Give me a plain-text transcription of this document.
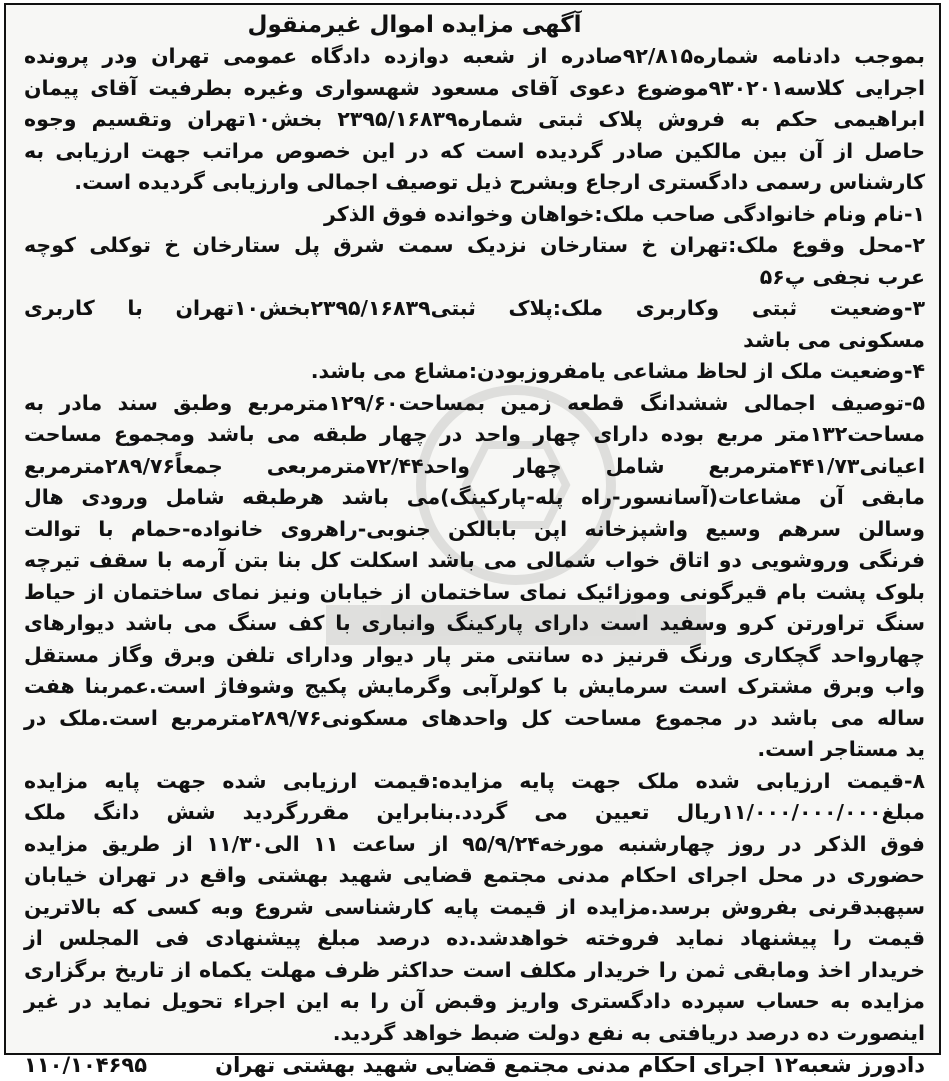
آگهی مزایده اموال غیرمنقول
بموجب دادنامه شماره۹۲/۸۱۵صادره از شعبه دوازده دادگاه عمومی تهران ودر پرونده
اجرایی کلاسه۹۳۰۲۰۱موضوع دعوی آقای مسعود شهسواری وغیره بطرفیت آقای پیمان
ابراهیمی حکم به فروش پلاک ثبتی شماره۲۳۹۵/۱۶۸۳۹ بخش۱۰تهران وتقسیم وجوه
حاصل از آن بین مالکین صادر گردیده است که در این خصوص مراتب جهت ارزیابی به
کارشناس رسمی دادگستری ارجاع وبشرح ذیل توصیف اجمالی وارزیابی گردیده است.
۱-نام ونام خانوادگی صاحب ملک:خواهان وخوانده فوق الذکر
۲-محل وقوع ملک:تهران خ ستارخان نزدیک سمت شرق پل ستارخان خ توکلی کوچه
عرب نجفی پ۵۶
۳-وضعیت ثبتی وکاربری ملک:پلاک ثبتی۲۳۹۵/۱۶۸۳۹بخش۱۰تهران با کاربری
مسکونی می باشد
۴-وضعیت ملک از لحاظ مشاعی یامفروزبودن:مشاع می باشد.
۵-توصیف اجمالی ششدانگ قطعه زمین بمساحت۱۲۹/۶۰مترمربع وطبق سند مادر به
مساحت۱۳۲متر مربع بوده دارای چهار واحد در چهار طبقه می باشد ومجموع مساحت
اعیانی۴۴۱/۷۳مترمربع شامل چهار واحد۷۲/۴۴مترمربعی جمعاً۲۸۹/۷۶مترمربع
مابقی آن مشاعات(آسانسور-راه پله-پارکینگ)می باشد هرطبقه شامل ورودی هال
وسالن سرهم وسیع واشپزخانه اپن بابالکن جنوبی-راهروی خانواده-حمام با توالت
فرنگی وروشویی دو اتاق خواب شمالی می باشد اسکلت کل بنا بتن آرمه با سقف تیرچه
بلوک پشت بام قیرگونی وموزائیک نمای ساختمان از خیابان ونیز نمای ساختمان از حیاط
سنگ تراورتن کرو وسفید است دارای پارکینگ وانباری با کف سنگ می باشد دیوارهای
چهارواحد گچکاری ورنگ قرنیز ده سانتی متر پار دیوار ودارای تلفن وبرق وگاز مستقل
واب وبرق مشترک است سرمایش با کولرآبی وگرمایش پکیج وشوفاژ است.عمربنا هفت
ساله می باشد در مجموع مساحت کل واحدهای مسکونی۲۸۹/۷۶مترمربع است.ملک در
ید مستاجر است.
۸-قیمت ارزیابی شده ملک جهت پایه مزایده:قیمت ارزیابی شده جهت پایه مزایده
مبلغ۱۱/۰۰۰/۰۰۰/۰۰۰ریال تعیین می گردد.بنابراین مقررگردید شش دانگ ملک
فوق الذکر در روز چهارشنبه مورخه۹۵/۹/۲۴ از ساعت ۱۱ الی۱۱/۳۰ از طریق مزایده
حضوری در محل اجرای احکام مدنی مجتمع قضایی شهید بهشتی واقع در تهران خیابان
سپهبدقرنی بفروش برسد.مزایده از قیمت پایه کارشناسی شروع وبه کسی که بالاترین
قیمت را پیشنهاد نماید فروخته خواهدشد.ده درصد مبلغ پیشنهادی فی المجلس از
خریدار اخذ ومابقی ثمن را خریدار مکلف است حداکثر ظرف مهلت یکماه از تاریخ برگزاری
مزایده به حساب سپرده دادگستری واریز وقبض آن را به این اجراء تحویل نماید در غیر
اینصورت ده درصد دریافتی به نفع دولت ضبط خواهد گردید.
دادورز شعبه۱۲ اجرای احکام مدنی مجتمع قضایی شهید بهشتی تهران
۱۱۰/۱۰۴۶۹۵
